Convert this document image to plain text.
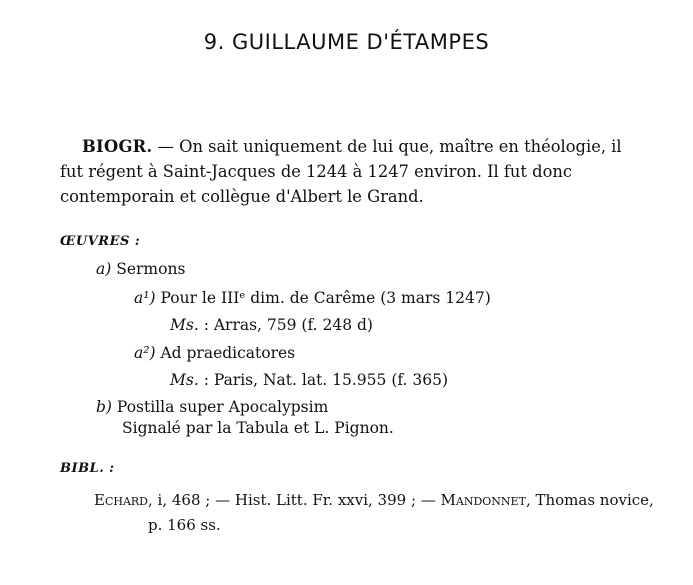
9. GUILLAUME D'ÉTAMPES

BIOGR. — On sait uniquement de lui que, maître en théologie, il fut régent à Saint-Jacques de 1244 à 1247 environ. Il fut donc contemporain et collègue d'Albert le Grand.

ŒUVRES :
a) Sermons
a¹) Pour le IIIᵉ dim. de Carême (3 mars 1247)
Ms. : Arras, 759 (f. 248 d)
a²) Ad praedicatores
Ms. : Paris, Nat. lat. 15.955 (f. 365)
b) Postilla super Apocalypsim
Signalé par la Tabula et L. Pignon.
BIBL. :

Echard, i, 468 ; — Hist. Litt. Fr. xxvi, 399 ; — Mandonnet, Thomas novice, p. 166 ss.
